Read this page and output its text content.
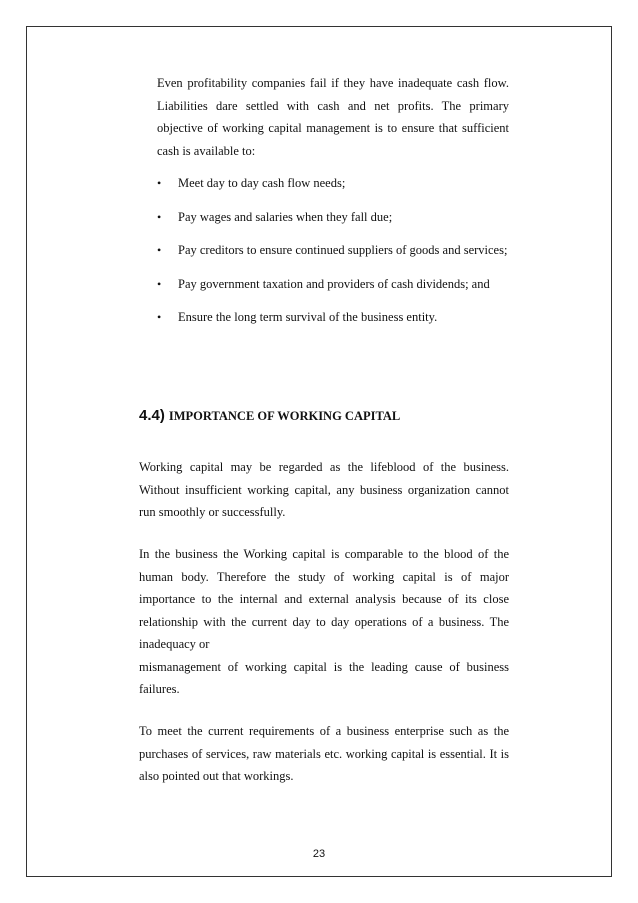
Even profitability companies fail if they have inadequate cash flow. Liabilities dare settled with cash and net profits. The primary objective of working capital management is to ensure that sufficient cash is available to:
• Meet day to day cash flow needs;
• Pay wages and salaries when they fall due;
• Pay creditors to ensure continued suppliers of goods and services;
• Pay government taxation and providers of cash dividends; and
• Ensure the long term survival of the business entity.
4.4) IMPORTANCE OF WORKING CAPITAL
Working capital may be regarded as the lifeblood of the business. Without insufficient working capital, any business organization cannot run smoothly or successfully.
In the business the Working capital is comparable to the blood of the human body. Therefore the study of working capital is of major importance to the internal and external analysis because of its close relationship with the current day to day operations of a business. The inadequacy or
mismanagement of working capital is the leading cause of business failures.
To meet the current requirements of a business enterprise such as the purchases of services, raw materials etc. working capital is essential. It is also pointed out that workings.
23
